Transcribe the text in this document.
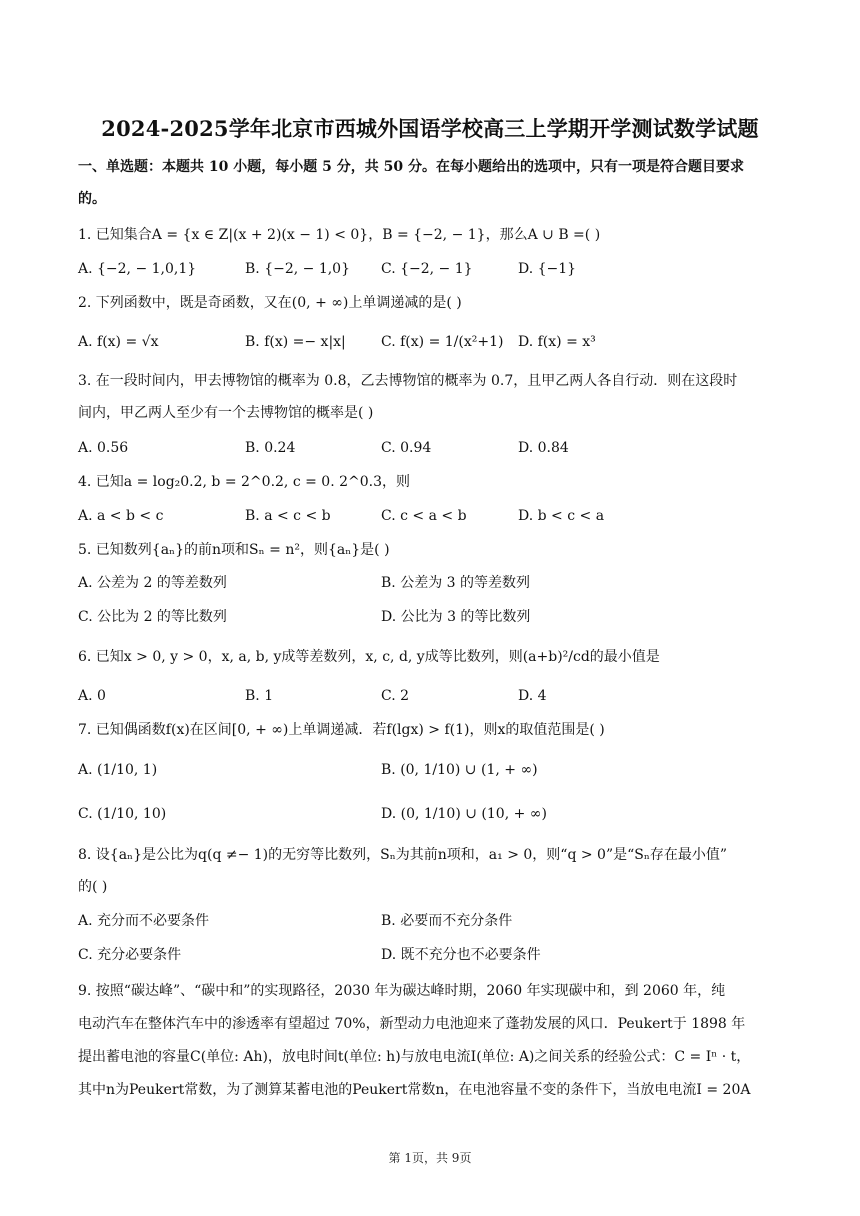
2024-2025学年北京市西城外国语学校高三上学期开学测试数学试题
一、单选题：本题共 10 小题，每小题 5 分，共 50 分。在每小题给出的选项中，只有一项是符合题目要求
的。
1. 已知集合A = {x ∈ Z|(x + 2)(x − 1) < 0}，B = {−2, − 1}，那么A ∪ B =( )
A. {−2, − 1,0,1}	B. {−2, − 1,0} C. {−2, − 1}	D. {−1}
2. 下列函数中，既是奇函数，又在(0, + ∞)上单调递减的是( )
A. f(x) = √x	B. f(x) =− x|x|	C. f(x) = 1/(x²+1) D. f(x) = x³
3. 在一段时间内，甲去博物馆的概率为 0.8，乙去博物馆的概率为 0.7，且甲乙两人各自行动．则在这段时
间内，甲乙两人至少有一个去博物馆的概率是( )
A. 0.56	B. 0.24	C. 0.94	D. 0.84
4. 已知a = log₂0.2, b = 2^0.2, c = 0. 2^0.3，则
A. a < b < c	B. a < c < b	C. c < a < b	D. b < c < a
5. 已知数列{aₙ}的前n项和Sₙ = n²，则{aₙ}是( )
A. 公差为 2 的等差数列	B. 公差为 3 的等差数列
C. 公比为 2 的等比数列	D. 公比为 3 的等比数列
6. 已知x > 0, y > 0，x, a, b, y成等差数列，x, c, d, y成等比数列，则(a+b)²/cd的最小值是
A. 0	B. 1	C. 2	D. 4
7. 已知偶函数f(x)在区间[0, + ∞)上单调递减．若f(lgx) > f(1)，则x的取值范围是( )
A. (1/10, 1)	B. (0, 1/10) ∪ (1, + ∞)
C. (1/10, 10)	D. (0, 1/10) ∪ (10, + ∞)
8. 设{aₙ}是公比为q(q ≠− 1)的无穷等比数列，Sₙ为其前n项和，a₁ > 0，则“q > 0”是“Sₙ存在最小值”
的( )
A. 充分而不必要条件	B. 必要而不充分条件
C. 充分必要条件	D. 既不充分也不必要条件
9. 按照“碳达峰”、“碳中和”的实现路径，2030 年为碳达峰时期，2060 年实现碳中和，到 2060 年，纯
电动汽车在整体汽车中的渗透率有望超过 70%，新型动力电池迎来了蓬勃发展的风口．Peukert于 1898 年
提出蓄电池的容量C(单位: Ah)，放电时间t(单位: h)与放电电流I(单位: A)之间关系的经验公式：C = Iⁿ · t，
其中n为Peukert常数，为了测算某蓄电池的Peukert常数n，在电池容量不变的条件下，当放电电流I = 20A
第 1页，共 9页
